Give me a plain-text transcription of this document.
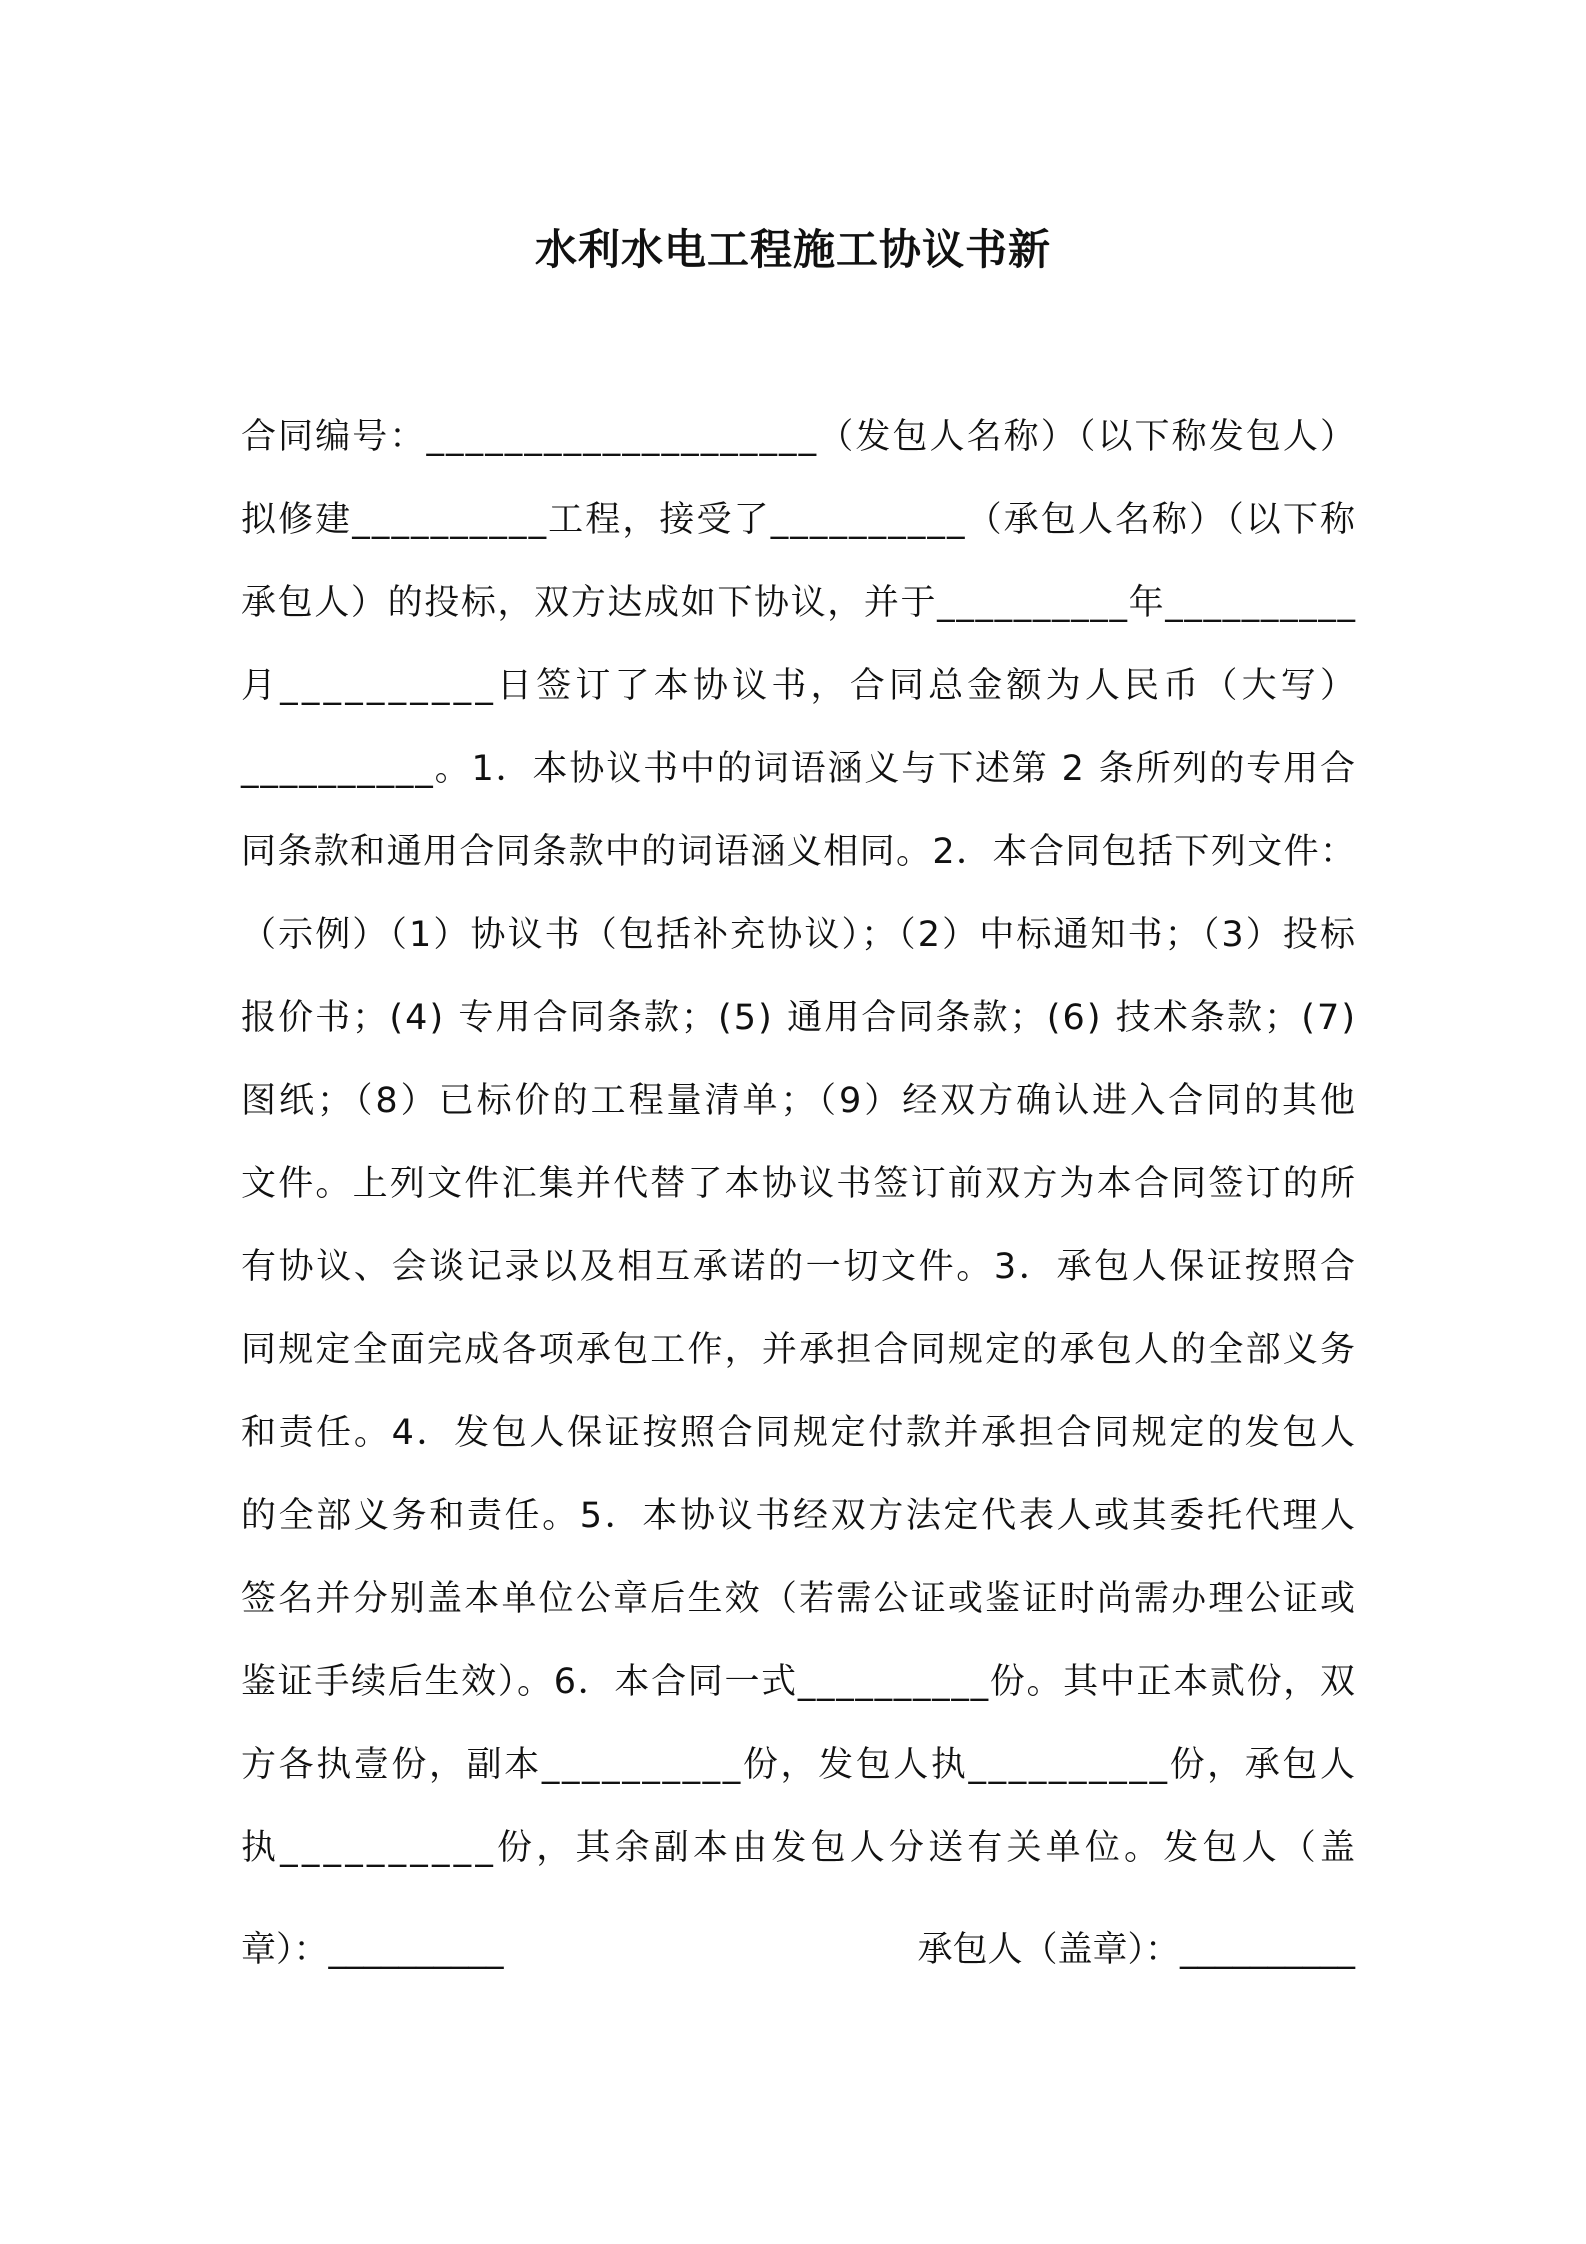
水利水电工程施工协议书新
合同编号：____________________（发包人名称）（以下称发包人）
拟修建__________工程，接受了__________（承包人名称）（以下称
承包人）的投标，双方达成如下协议，并于__________年__________
月__________日签订了本协议书，合同总金额为人民币（大写）
__________。1．本协议书中的词语涵义与下述第 2 条所列的专用合
同条款和通用合同条款中的词语涵义相同。2．本合同包括下列文件：
（示例）（1）协议书（包括补充协议）；（2）中标通知书；（3）投标
报价书；(4) 专用合同条款；(5) 通用合同条款；(6) 技术条款；(7)
图纸；（8）已标价的工程量清单；（9）经双方确认进入合同的其他
文件。上列文件汇集并代替了本协议书签订前双方为本合同签订的所
有协议、会谈记录以及相互承诺的一切文件。3．承包人保证按照合
同规定全面完成各项承包工作，并承担合同规定的承包人的全部义务
和责任。4．发包人保证按照合同规定付款并承担合同规定的发包人
的全部义务和责任。5．本协议书经双方法定代表人或其委托代理人
签名并分别盖本单位公章后生效（若需公证或鉴证时尚需办理公证或
鉴证手续后生效）。6．本合同一式__________份。其中正本贰份，双
方各执壹份，副本__________份，发包人执__________份，承包人
执__________份，其余副本由发包人分送有关单位。发包人（盖
章）：__________	承包人（盖章）：__________
